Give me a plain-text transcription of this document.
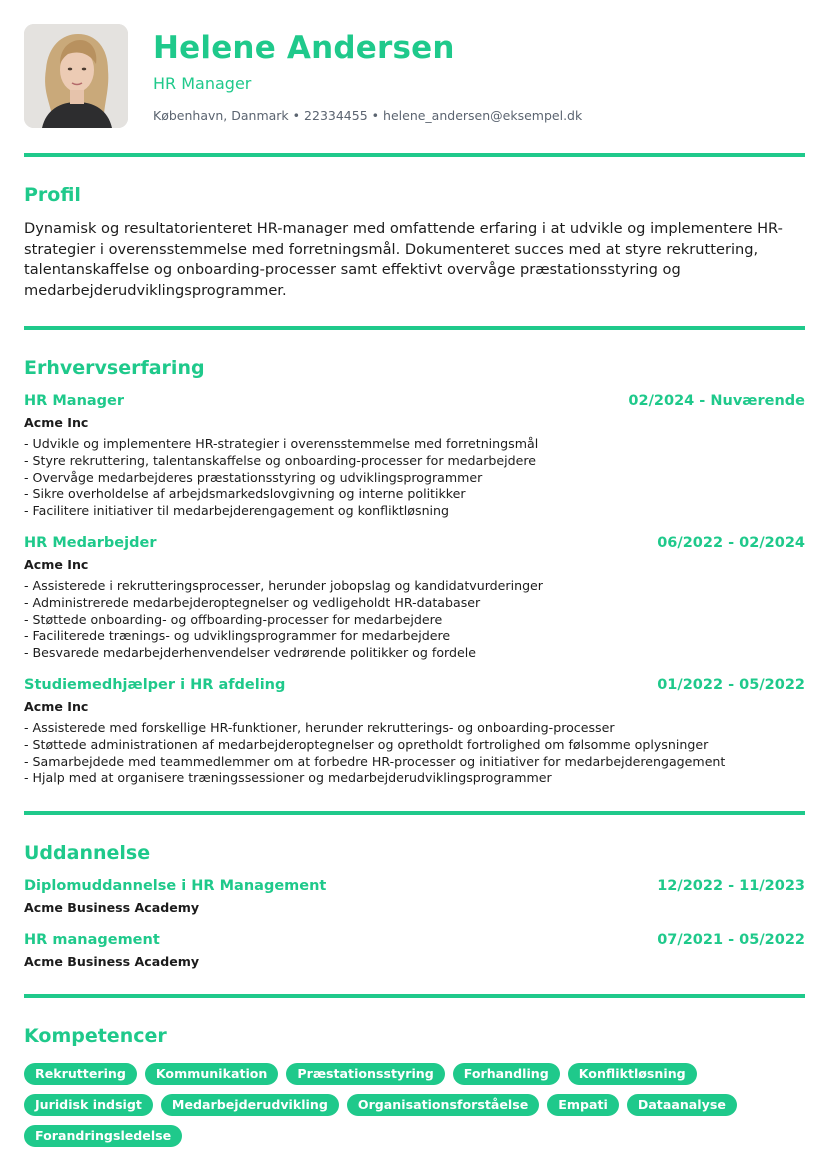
Helene Andersen
HR Manager
København, Danmark • 22334455 • helene_andersen@eksempel.dk
Profil
Dynamisk og resultatorienteret HR-manager med omfattende erfaring i at udvikle og implementere HR-strategier i overensstemmelse med forretningsmål. Dokumenteret succes med at styre rekruttering, talentanskaffelse og onboarding-processer samt effektivt overvåge præstationsstyring og medarbejderudviklingsprogrammer.
Erhvervserfaring
HR Manager	02/2024 - Nuværende
Acme Inc
- Udvikle og implementere HR-strategier i overensstemmelse med forretningsmål
- Styre rekruttering, talentanskaffelse og onboarding-processer for medarbejdere
- Overvåge medarbejderes præstationsstyring og udviklingsprogrammer
- Sikre overholdelse af arbejdsmarkedslovgivning og interne politikker
- Facilitere initiativer til medarbejderengagement og konfliktløsning
HR Medarbejder	06/2022 - 02/2024
Acme Inc
- Assisterede i rekrutteringsprocesser, herunder jobopslag og kandidatvurderinger
- Administrerede medarbejderoptegnelser og vedligeholdt HR-databaser
- Støttede onboarding- og offboarding-processer for medarbejdere
- Faciliterede trænings- og udviklingsprogrammer for medarbejdere
- Besvarede medarbejderhenvendelser vedrørende politikker og fordele
Studiemedhjælper i HR afdeling	01/2022 - 05/2022
Acme Inc
- Assisterede med forskellige HR-funktioner, herunder rekrutterings- og onboarding-processer
- Støttede administrationen af medarbejderoptegnelser og opretholdt fortrolighed om følsomme oplysninger
- Samarbejdede med teammedlemmer om at forbedre HR-processer og initiativer for medarbejderengagement
- Hjalp med at organisere træningssessioner og medarbejderudviklingsprogrammer
Uddannelse
Diplomuddannelse i HR Management	12/2022 - 11/2023
Acme Business Academy
HR management	07/2021 - 05/2022
Acme Business Academy
Kompetencer
Rekruttering	Kommunikation	Præstationsstyring	Forhandling	Konfliktløsning
Juridisk indsigt	Medarbejderudvikling	Organisationsforståelse	Empati	Dataanalyse
Forandringsledelse
